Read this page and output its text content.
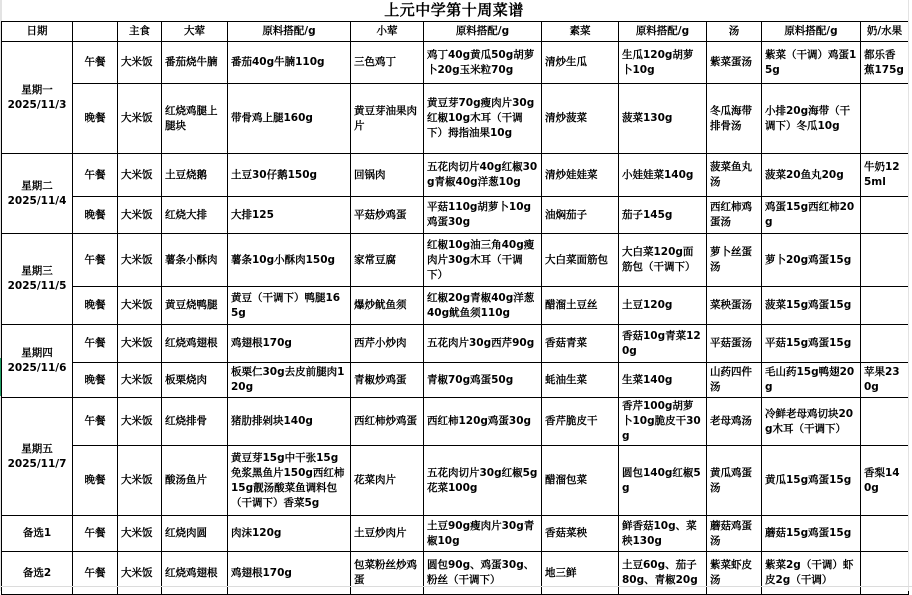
上元中学第十周菜谱
日期		主食	大荤	原料搭配/g	小荤	原料搭配/g	素菜	原料搭配/g	汤	原料搭配/g	奶/水果

星期一
2025/11/3	午餐	大米饭	番茄烧牛腩	番茄40g牛腩110g	三色鸡丁	鸡丁40g黄瓜50g胡萝卜20g玉米粒70g	清炒生瓜	生瓜120g胡萝卜10g	紫菜蛋汤	紫菜（干调）鸡蛋15g	都乐香蕉175g
	晚餐	大米饭	红烧鸡腿上腿块	带骨鸡上腿160g	黄豆芽油果肉片	黄豆芽70g瘦肉片30g红椒10g木耳（干调下）拇指油果10g	清炒菠菜	菠菜130g	冬瓜海带排骨汤	小排20g海带（干调下）冬瓜10g	

星期二
2025/11/4	午餐	大米饭	土豆烧鹅	土豆30仔鹅150g	回锅肉	五花肉切片40g红椒30g青椒40g洋葱10g	清炒娃娃菜	小娃娃菜140g	菠菜鱼丸汤	菠菜20鱼丸20g	牛奶125ml
	晚餐	大米饭	红烧大排	大排125	平菇炒鸡蛋	平菇110g胡萝卜10g鸡蛋30g	油焖茄子	茄子145g	西红柿鸡蛋汤	鸡蛋15g西红柿20g	

星期三
2025/11/5	午餐	大米饭	薯条小酥肉	薯条10g小酥肉150g	家常豆腐	红椒10g油三角40g瘦肉片30g木耳（干调下）	大白菜面筋包	大白菜120g面筋包（干调下）	萝卜丝蛋汤	萝卜20g鸡蛋15g	
	晚餐	大米饭	黄豆烧鸭腿	黄豆（干调下）鸭腿165g	爆炒鱿鱼须	红椒20g青椒40g洋葱40g鱿鱼须110g	醋溜土豆丝	土豆120g	菜秧蛋汤	菠菜15g鸡蛋15g	

星期四
2025/11/6	午餐	大米饭	红烧鸡翅根	鸡翅根170g	西芹小炒肉	五花肉片30g西芹90g	香菇青菜	香菇10g青菜120g	平菇蛋汤	平菇15g鸡蛋15g	
	晚餐	大米饭	板栗烧肉	板栗仁30g去皮前腿肉120g	青椒炒鸡蛋	青椒70g鸡蛋50g	蚝油生菜	生菜140g	山药四件汤	毛山药15g鸭翅20g	苹果230g

星期五
2025/11/7	午餐	大米饭	红烧排骨	猪肋排剁块140g	西红柿炒鸡蛋	西红柿120g鸡蛋30g	香芹脆皮干	香芹100g胡萝卜10g脆皮干30g	老母鸡汤	冷鲜老母鸡切块20g木耳（干调下）	
	晚餐	大米饭	酸汤鱼片	黄豆芽15g中干张15g免浆黑鱼片150g西红柿15g靓汤酸菜鱼调料包（干调下）香菜5g	花菜肉片	五花肉切片30g红椒5g花菜100g	醋溜包菜	圆包140g红椒5g	黄瓜鸡蛋汤	黄瓜15g鸡蛋15g	香梨140g

备选1	午餐	大米饭	红烧肉圆	肉沫120g	土豆炒肉片	土豆90g瘦肉片30g青椒10g	香菇菜秧	鲜香菇10g、菜秧130g	蘑菇鸡蛋汤	蘑菇15g鸡蛋15g	

备选2	午餐	大米饭	红烧鸡翅根	鸡翅根170g	包菜粉丝炒鸡蛋	圆包90g、鸡蛋30g、粉丝（干调下）	地三鲜	土豆60g、茄子80g、青椒20g	紫菜虾皮汤	紫菜2g（干调）虾皮2g（干调）	
